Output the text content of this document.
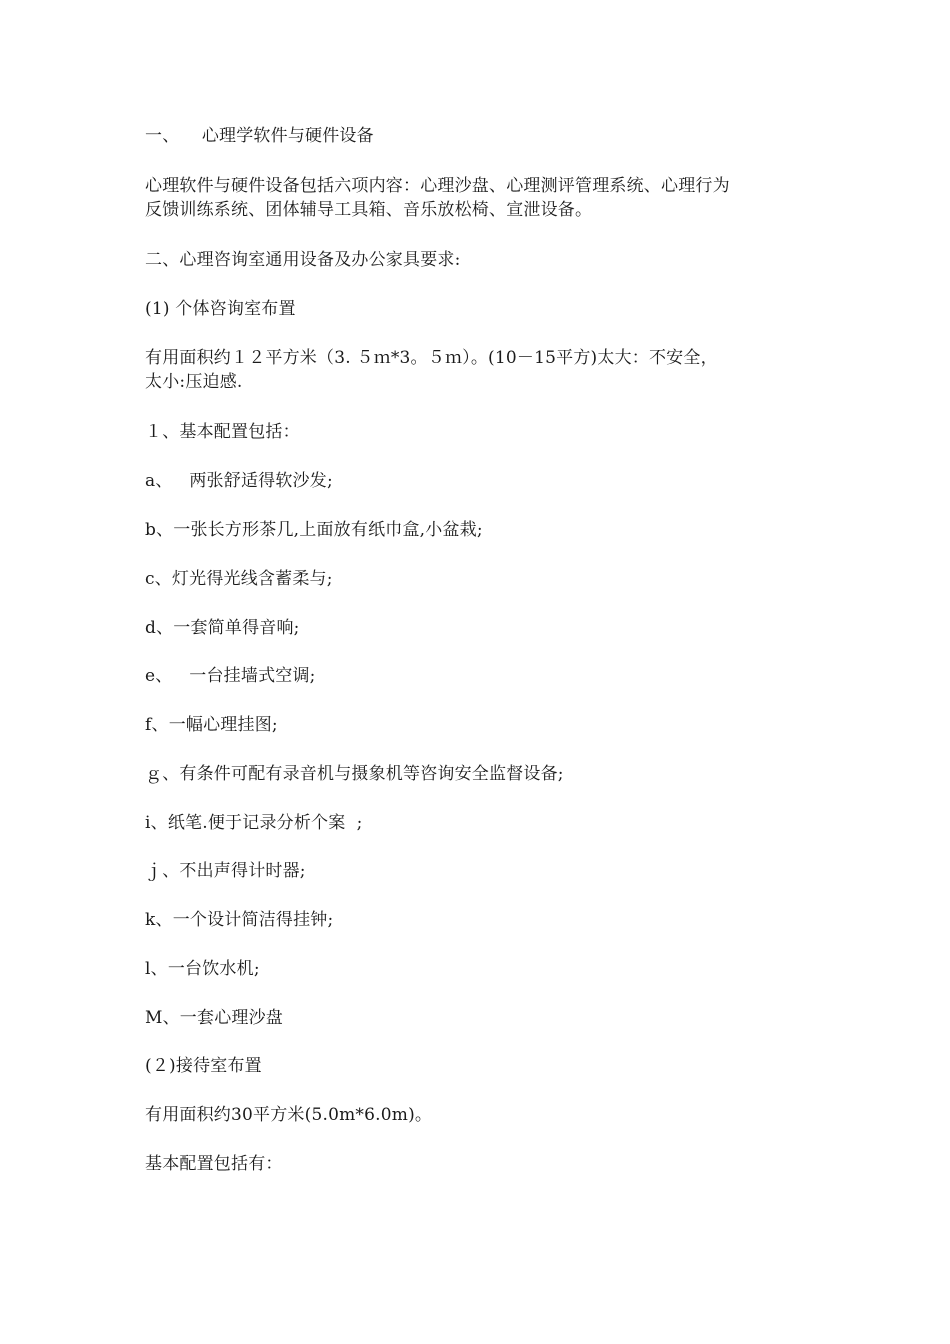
一、    心理学软件与硬件设备
心理软件与硬件设备包括六项内容：心理沙盘、心理测评管理系统、心理行为
反馈训练系统、团体辅导工具箱、音乐放松椅、宣泄设备。
二、心理咨询室通用设备及办公家具要求:
(1) 个体咨询室布置
有用面积约１２平方米（3. ５ｍ*3。５ｍ）。(10－15平方)太大：不安全，
太小:压迫感.
１、基本配置包括：
a、   两张舒适得软沙发;
b、一张长方形茶几,上面放有纸巾盒,小盆栽;
c、灯光得光线含蓄柔与;
d、一套简单得音响;
e、   一台挂墙式空调;
f、一幅心理挂图;
ｇ、有条件可配有录音机与摄象机等咨询安全监督设备;
i、纸笔.便于记录分析个案  ;
ｊ、不出声得计时器;
k、一个设计简洁得挂钟;
l、一台饮水机;
M、一套心理沙盘
(２)接待室布置
有用面积约30平方米(5.0m*6.0m)。
基本配置包括有：
